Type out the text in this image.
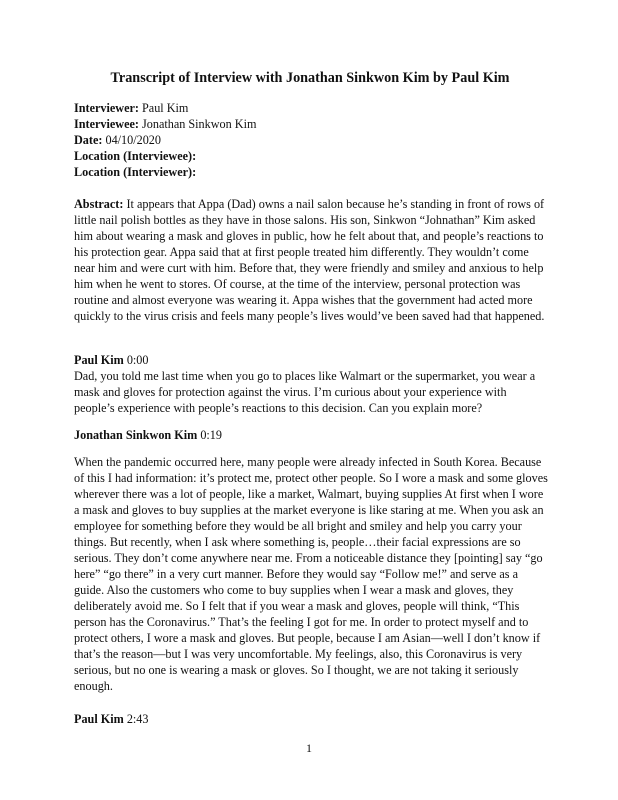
Transcript of Interview with Jonathan Sinkwon Kim by Paul Kim
Interviewer: Paul Kim
Interviewee: Jonathan Sinkwon Kim
Date: 04/10/2020
Location (Interviewee):
Location (Interviewer):
Abstract: It appears that Appa (Dad) owns a nail salon because he’s standing in front of rows of
little nail polish bottles as they have in those salons. His son, Sinkwon “Johnathan” Kim asked
him about wearing a mask and gloves in public, how he felt about that, and people’s reactions to
his protection gear. Appa said that at first people treated him differently. They wouldn’t come
near him and were curt with him. Before that, they were friendly and smiley and anxious to help
him when he went to stores. Of course, at the time of the interview, personal protection was
routine and almost everyone was wearing it. Appa wishes that the government had acted more
quickly to the virus crisis and feels many people’s lives would’ve been saved had that happened.
Paul Kim 0:00
Dad, you told me last time when you go to places like Walmart or the supermarket, you wear a
mask and gloves for protection against the virus. I’m curious about your experience with
people’s experience with people’s reactions to this decision. Can you explain more?
Jonathan Sinkwon Kim 0:19
When the pandemic occurred here, many people were already infected in South Korea. Because
of this I had information: it’s protect me, protect other people. So I wore a mask and some gloves
wherever there was a lot of people, like a market, Walmart, buying supplies At first when I wore
a mask and gloves to buy supplies at the market everyone is like staring at me. When you ask an
employee for something before they would be all bright and smiley and help you carry your
things. But recently, when I ask where something is, people…their facial expressions are so
serious. They don’t come anywhere near me. From a noticeable distance they [pointing] say “go
here” “go there” in a very curt manner. Before they would say “Follow me!” and serve as a
guide. Also the customers who come to buy supplies when I wear a mask and gloves, they
deliberately avoid me. So I felt that if you wear a mask and gloves, people will think, “This
person has the Coronavirus.” That’s the feeling I got for me. In order to protect myself and to
protect others, I wore a mask and gloves. But people, because I am Asian—well I don’t know if
that’s the reason—but I was very uncomfortable. My feelings, also, this Coronavirus is very
serious, but no one is wearing a mask or gloves. So I thought, we are not taking it seriously
enough.
Paul Kim 2:43
1
